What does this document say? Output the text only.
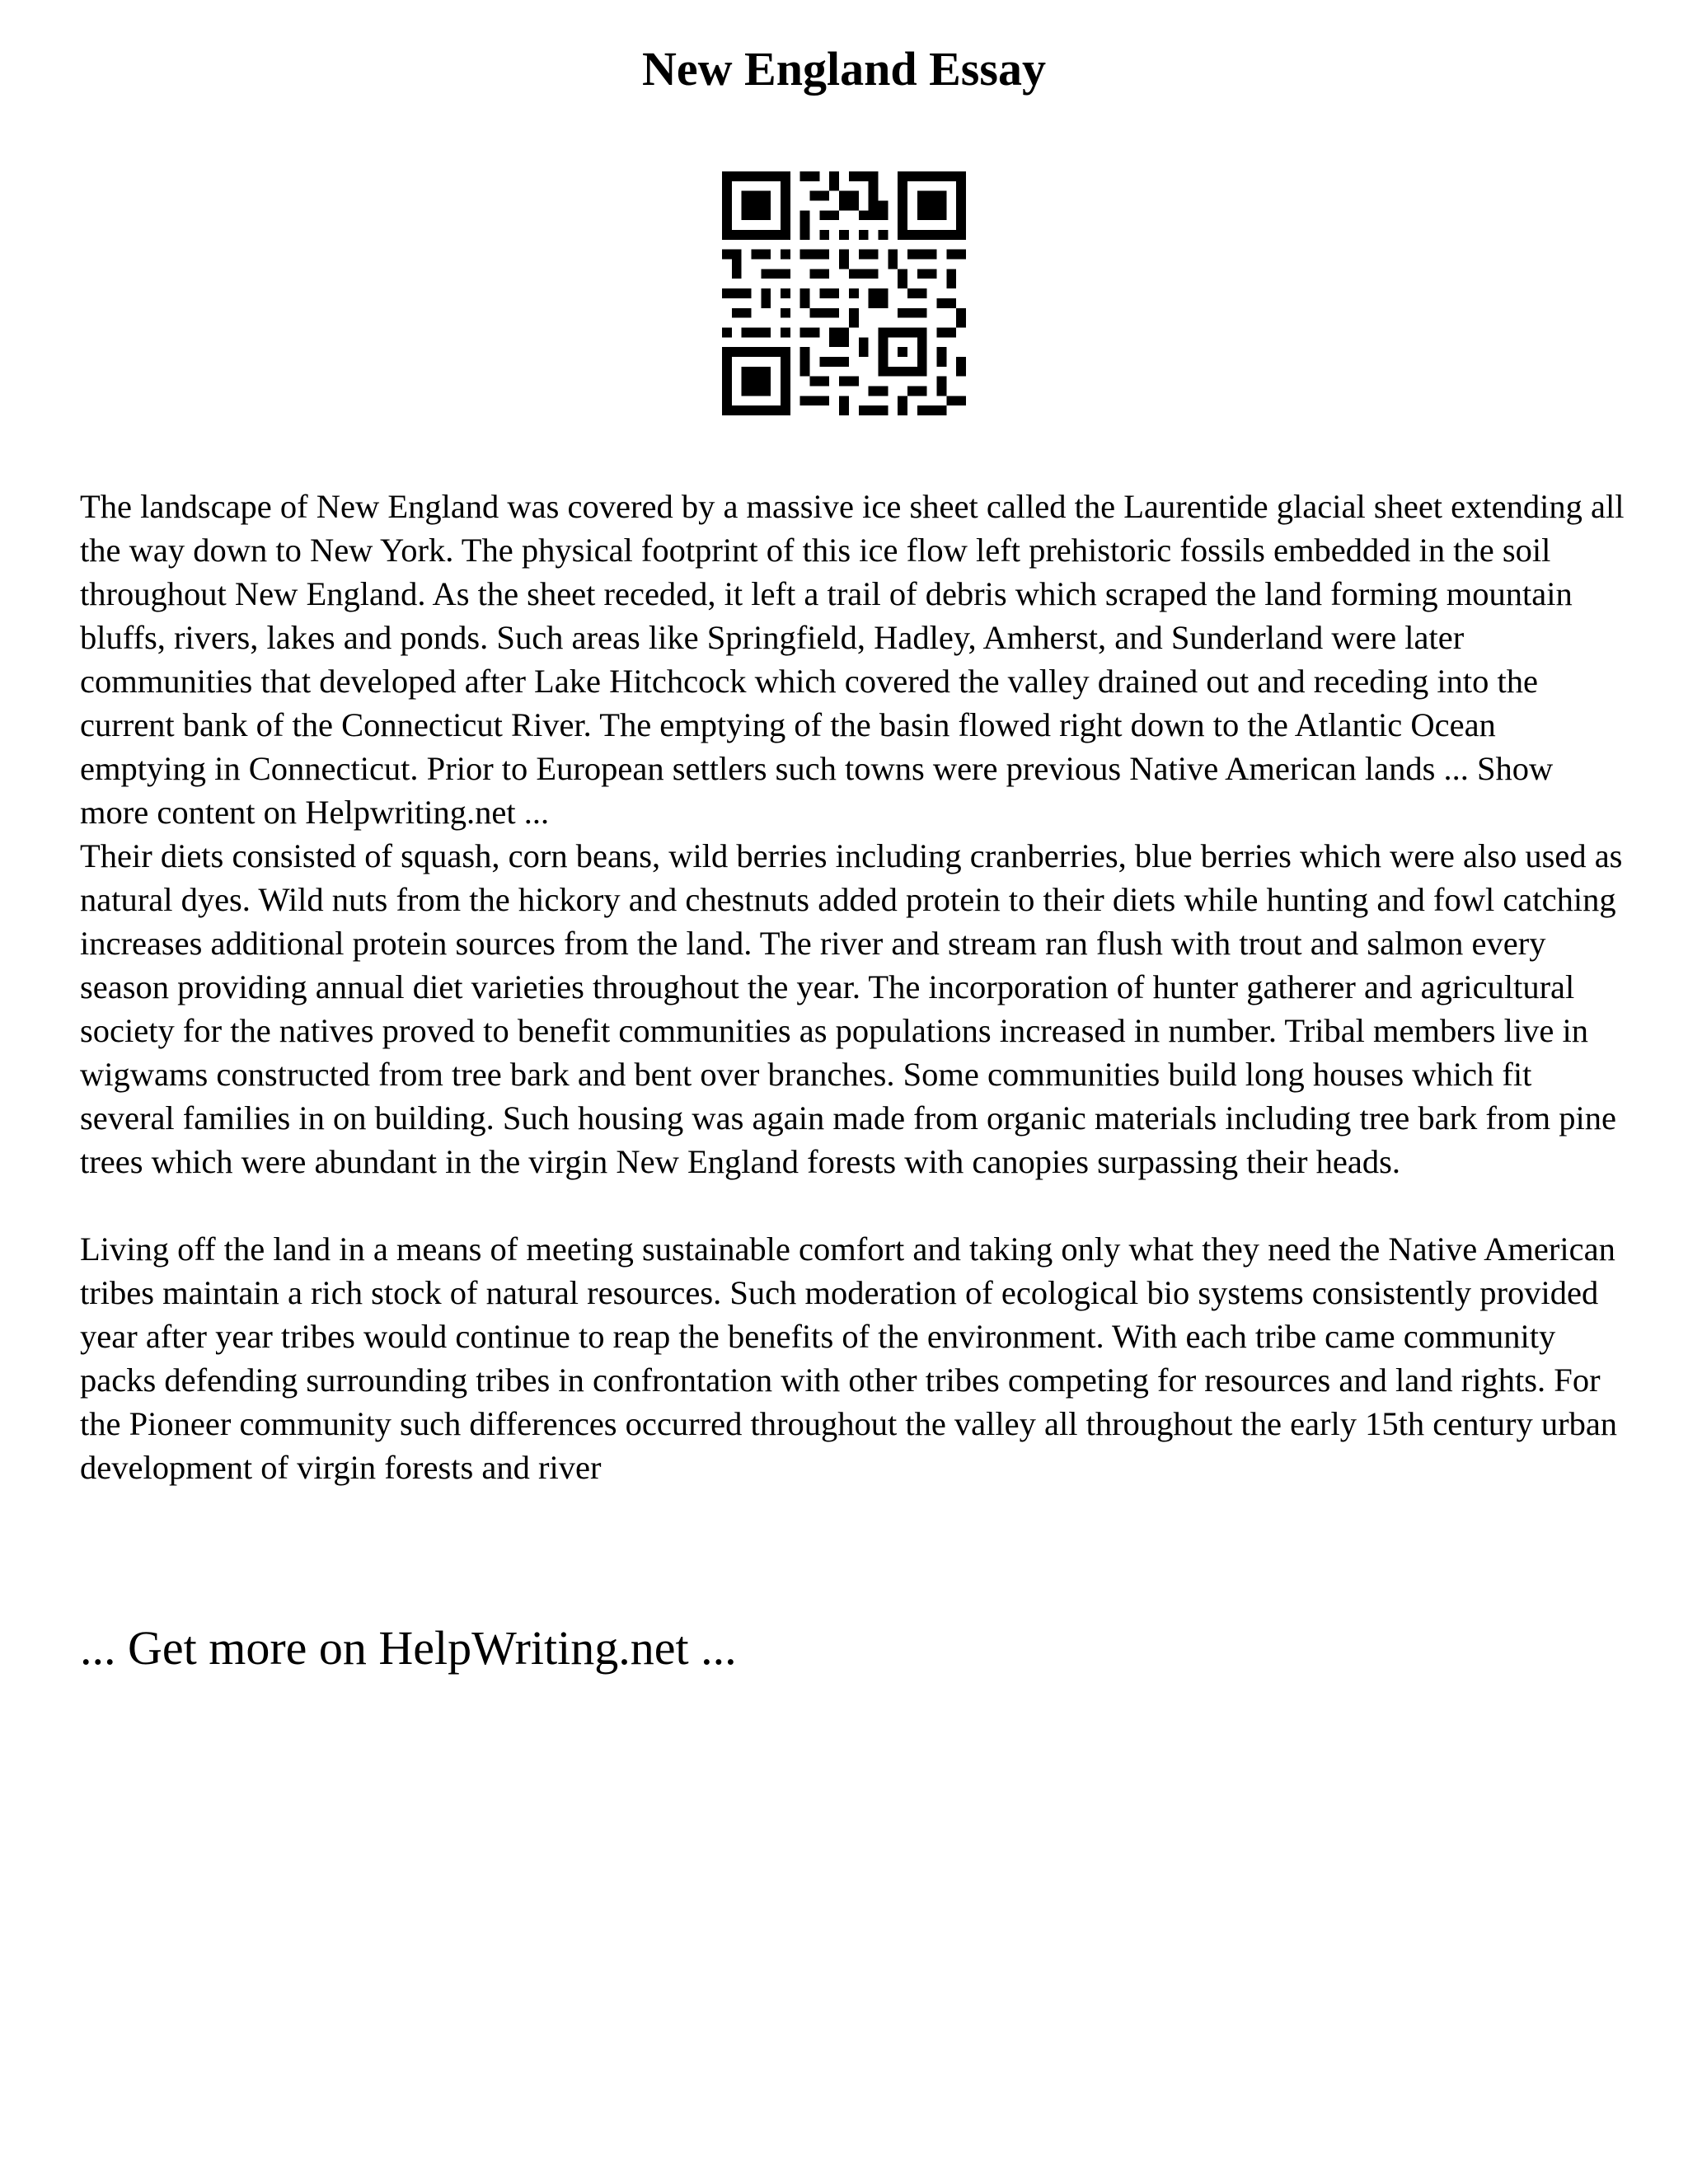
New England Essay

The landscape of New England was covered by a massive ice sheet called the Laurentide glacial sheet extending all the way down to New York. The physical footprint of this ice flow left prehistoric fossils embedded in the soil throughout New England. As the sheet receded, it left a trail of debris which scraped the land forming mountain bluffs, rivers, lakes and ponds. Such areas like Springfield, Hadley, Amherst, and Sunderland were later communities that developed after Lake Hitchcock which covered the valley drained out and receding into the current bank of the Connecticut River. The emptying of the basin flowed right down to the Atlantic Ocean emptying in Connecticut. Prior to European settlers such towns were previous Native American lands ... Show more content on Helpwriting.net ...

Their diets consisted of squash, corn beans, wild berries including cranberries, blue berries which were also used as natural dyes. Wild nuts from the hickory and chestnuts added protein to their diets while hunting and fowl catching increases additional protein sources from the land. The river and stream ran flush with trout and salmon every season providing annual diet varieties throughout the year. The incorporation of hunter gatherer and agricultural society for the natives proved to benefit communities as populations increased in number. Tribal members live in wigwams constructed from tree bark and bent over branches. Some communities build long houses which fit several families in on building. Such housing was again made from organic materials including tree bark from pine trees which were abundant in the virgin New England forests with canopies surpassing their heads.

Living off the land in a means of meeting sustainable comfort and taking only what they need the Native American tribes maintain a rich stock of natural resources. Such moderation of ecological bio systems consistently provided year after year tribes would continue to reap the benefits of the environment. With each tribe came community packs defending surrounding tribes in confrontation with other tribes competing for resources and land rights. For the Pioneer community such differences occurred throughout the valley all throughout the early 15th century urban development of virgin forests and river

... Get more on HelpWriting.net ...
